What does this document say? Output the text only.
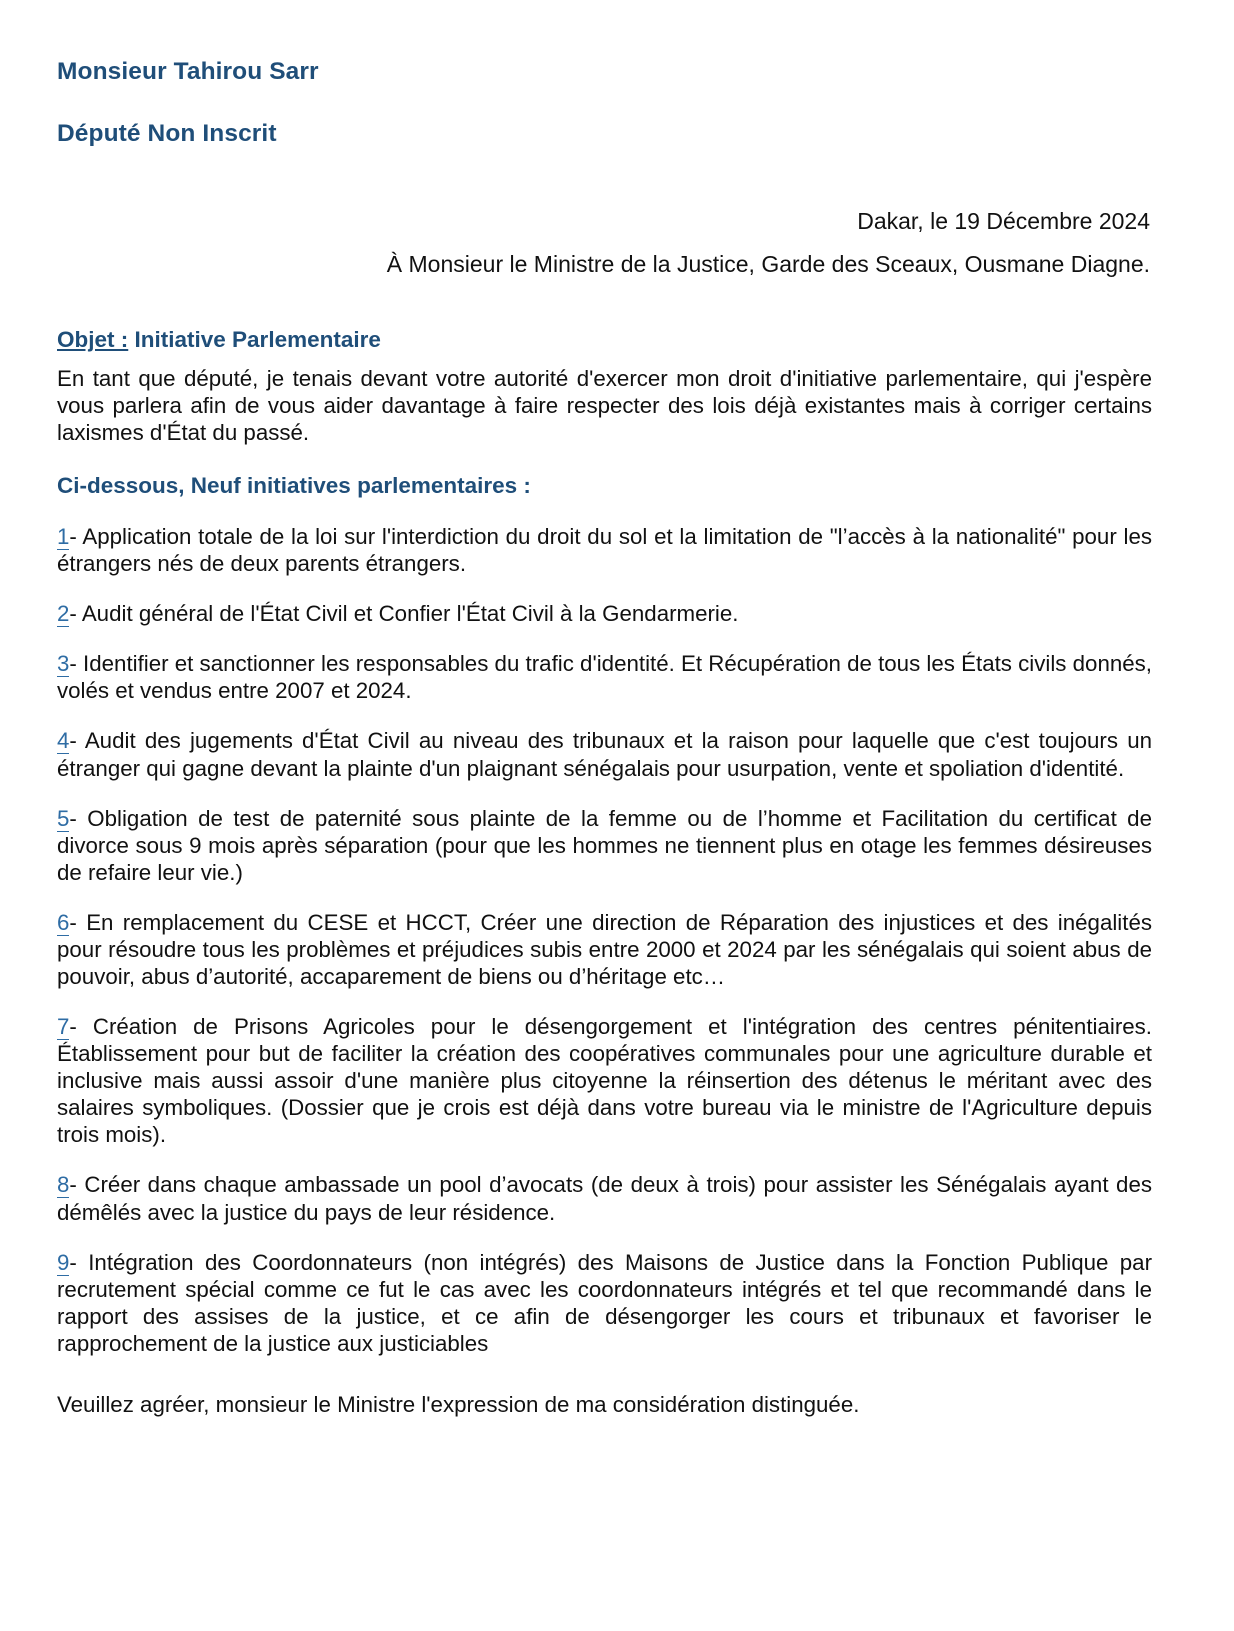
Monsieur Tahirou Sarr
Député Non Inscrit
Dakar, le 19 Décembre 2024
À Monsieur le Ministre de la Justice, Garde des Sceaux, Ousmane Diagne.
Objet : Initiative Parlementaire

En tant que député, je tenais devant votre autorité d'exercer mon droit d'initiative parlementaire, qui j'espère vous parlera afin de vous aider davantage à faire respecter des lois déjà existantes mais à corriger certains laxismes d'État du passé.

Ci-dessous, Neuf initiatives parlementaires :

1- Application totale de la loi sur l'interdiction du droit du sol et la limitation de "l’accès à la nationalité" pour les étrangers nés de deux parents étrangers.

2- Audit général de l'État Civil et Confier l'État Civil à la Gendarmerie.

3- Identifier et sanctionner les responsables du trafic d'identité. Et Récupération de tous les États civils donnés, volés et vendus entre 2007 et 2024.

4- Audit des jugements d'État Civil au niveau des tribunaux et la raison pour laquelle que c'est toujours un étranger qui gagne devant la plainte d'un plaignant sénégalais pour usurpation, vente et spoliation d'identité.

5- Obligation de test de paternité sous plainte de la femme ou de l’homme et Facilitation du certificat de divorce sous 9 mois après séparation (pour que les hommes ne tiennent plus en otage les femmes désireuses de refaire leur vie.)

6- En remplacement du CESE et HCCT, Créer une direction de Réparation des injustices et des inégalités pour résoudre tous les problèmes et préjudices subis entre 2000 et 2024 par les sénégalais qui soient abus de pouvoir, abus d’autorité, accaparement de biens ou d’héritage etc…

7- Création de Prisons Agricoles pour le désengorgement et l'intégration des centres pénitentiaires. Établissement pour but de faciliter la création des coopératives communales pour une agriculture durable et inclusive mais aussi assoir d'une manière plus citoyenne la réinsertion des détenus le méritant avec des salaires symboliques. (Dossier que je crois est déjà dans votre bureau via le ministre de l'Agriculture depuis trois mois).

8- Créer dans chaque ambassade un pool d’avocats (de deux à trois) pour assister les Sénégalais ayant des démêlés avec la justice du pays de leur résidence.

9- Intégration des Coordonnateurs (non intégrés) des Maisons de Justice dans la Fonction Publique par recrutement spécial comme ce fut le cas avec les coordonnateurs intégrés et tel que recommandé dans le rapport des assises de la justice, et ce afin de désengorger les cours et tribunaux et favoriser le rapprochement de la justice aux justiciables

Veuillez agréer, monsieur le Ministre l'expression de ma considération distinguée.
